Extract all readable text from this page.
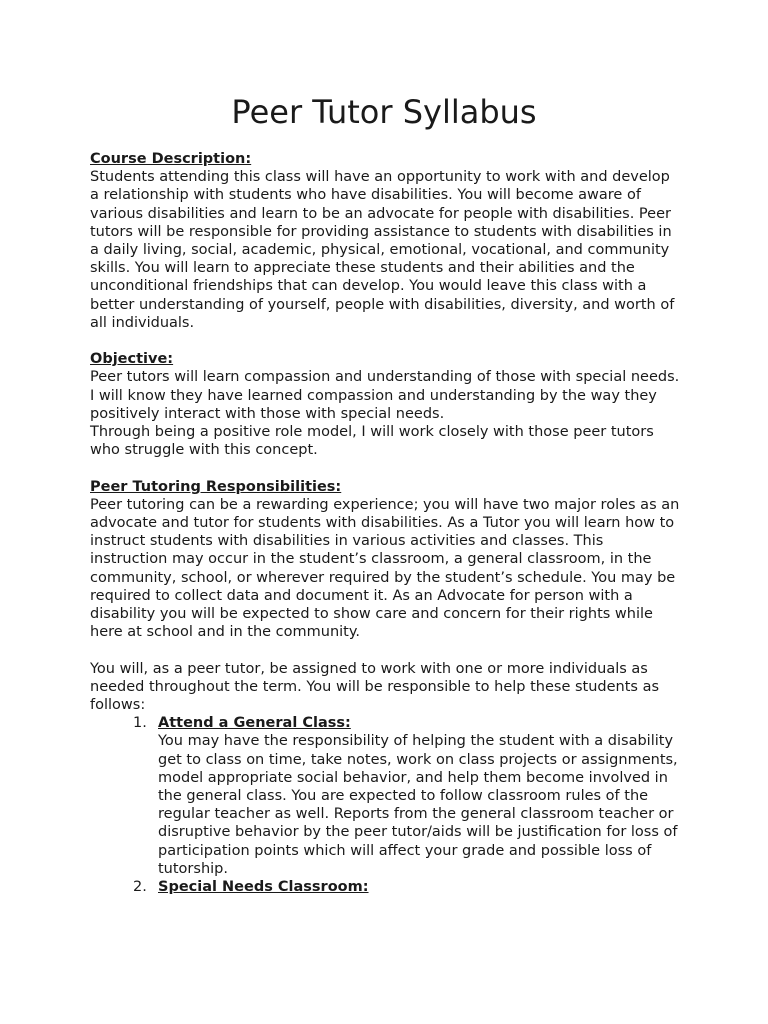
Peer Tutor Syllabus

Course Description:

Students attending this class will have an opportunity to work with and develop a relationship with students who have disabilities. You will become aware of various disabilities and learn to be an advocate for people with disabilities. Peer tutors will be responsible for providing assistance to students with disabilities in a daily living, social, academic, physical, emotional, vocational, and community skills. You will learn to appreciate these students and their abilities and the unconditional friendships that can develop. You would leave this class with a better understanding of yourself, people with disabilities, diversity, and worth of all individuals.

Objective:

Peer tutors will learn compassion and understanding of those with special needs.

I will know they have learned compassion and understanding by the way they positively interact with those with special needs.

Through being a positive role model, I will work closely with those peer tutors who struggle with this concept.

Peer Tutoring Responsibilities:

Peer tutoring can be a rewarding experience; you will have two major roles as an advocate and tutor for students with disabilities. As a Tutor you will learn how to instruct students with disabilities in various activities and classes. This instruction may occur in the student’s classroom, a general classroom, in the community, school, or wherever required by the student’s schedule. You may be required to collect data and document it. As an Advocate for person with a disability you will be expected to show care and concern for their rights while here at school and in the community.

You will, as a peer tutor, be assigned to work with one or more individuals as needed throughout the term. You will be responsible to help these students as follows:

1. Attend a General Class:
You may have the responsibility of helping the student with a disability get to class on time, take notes, work on class projects or assignments, model appropriate social behavior, and help them become involved in the general class. You are expected to follow classroom rules of the regular teacher as well. Reports from the general classroom teacher or disruptive behavior by the peer tutor/aids will be justification for loss of participation points which will affect your grade and possible loss of tutorship.
2. Special Needs Classroom:
